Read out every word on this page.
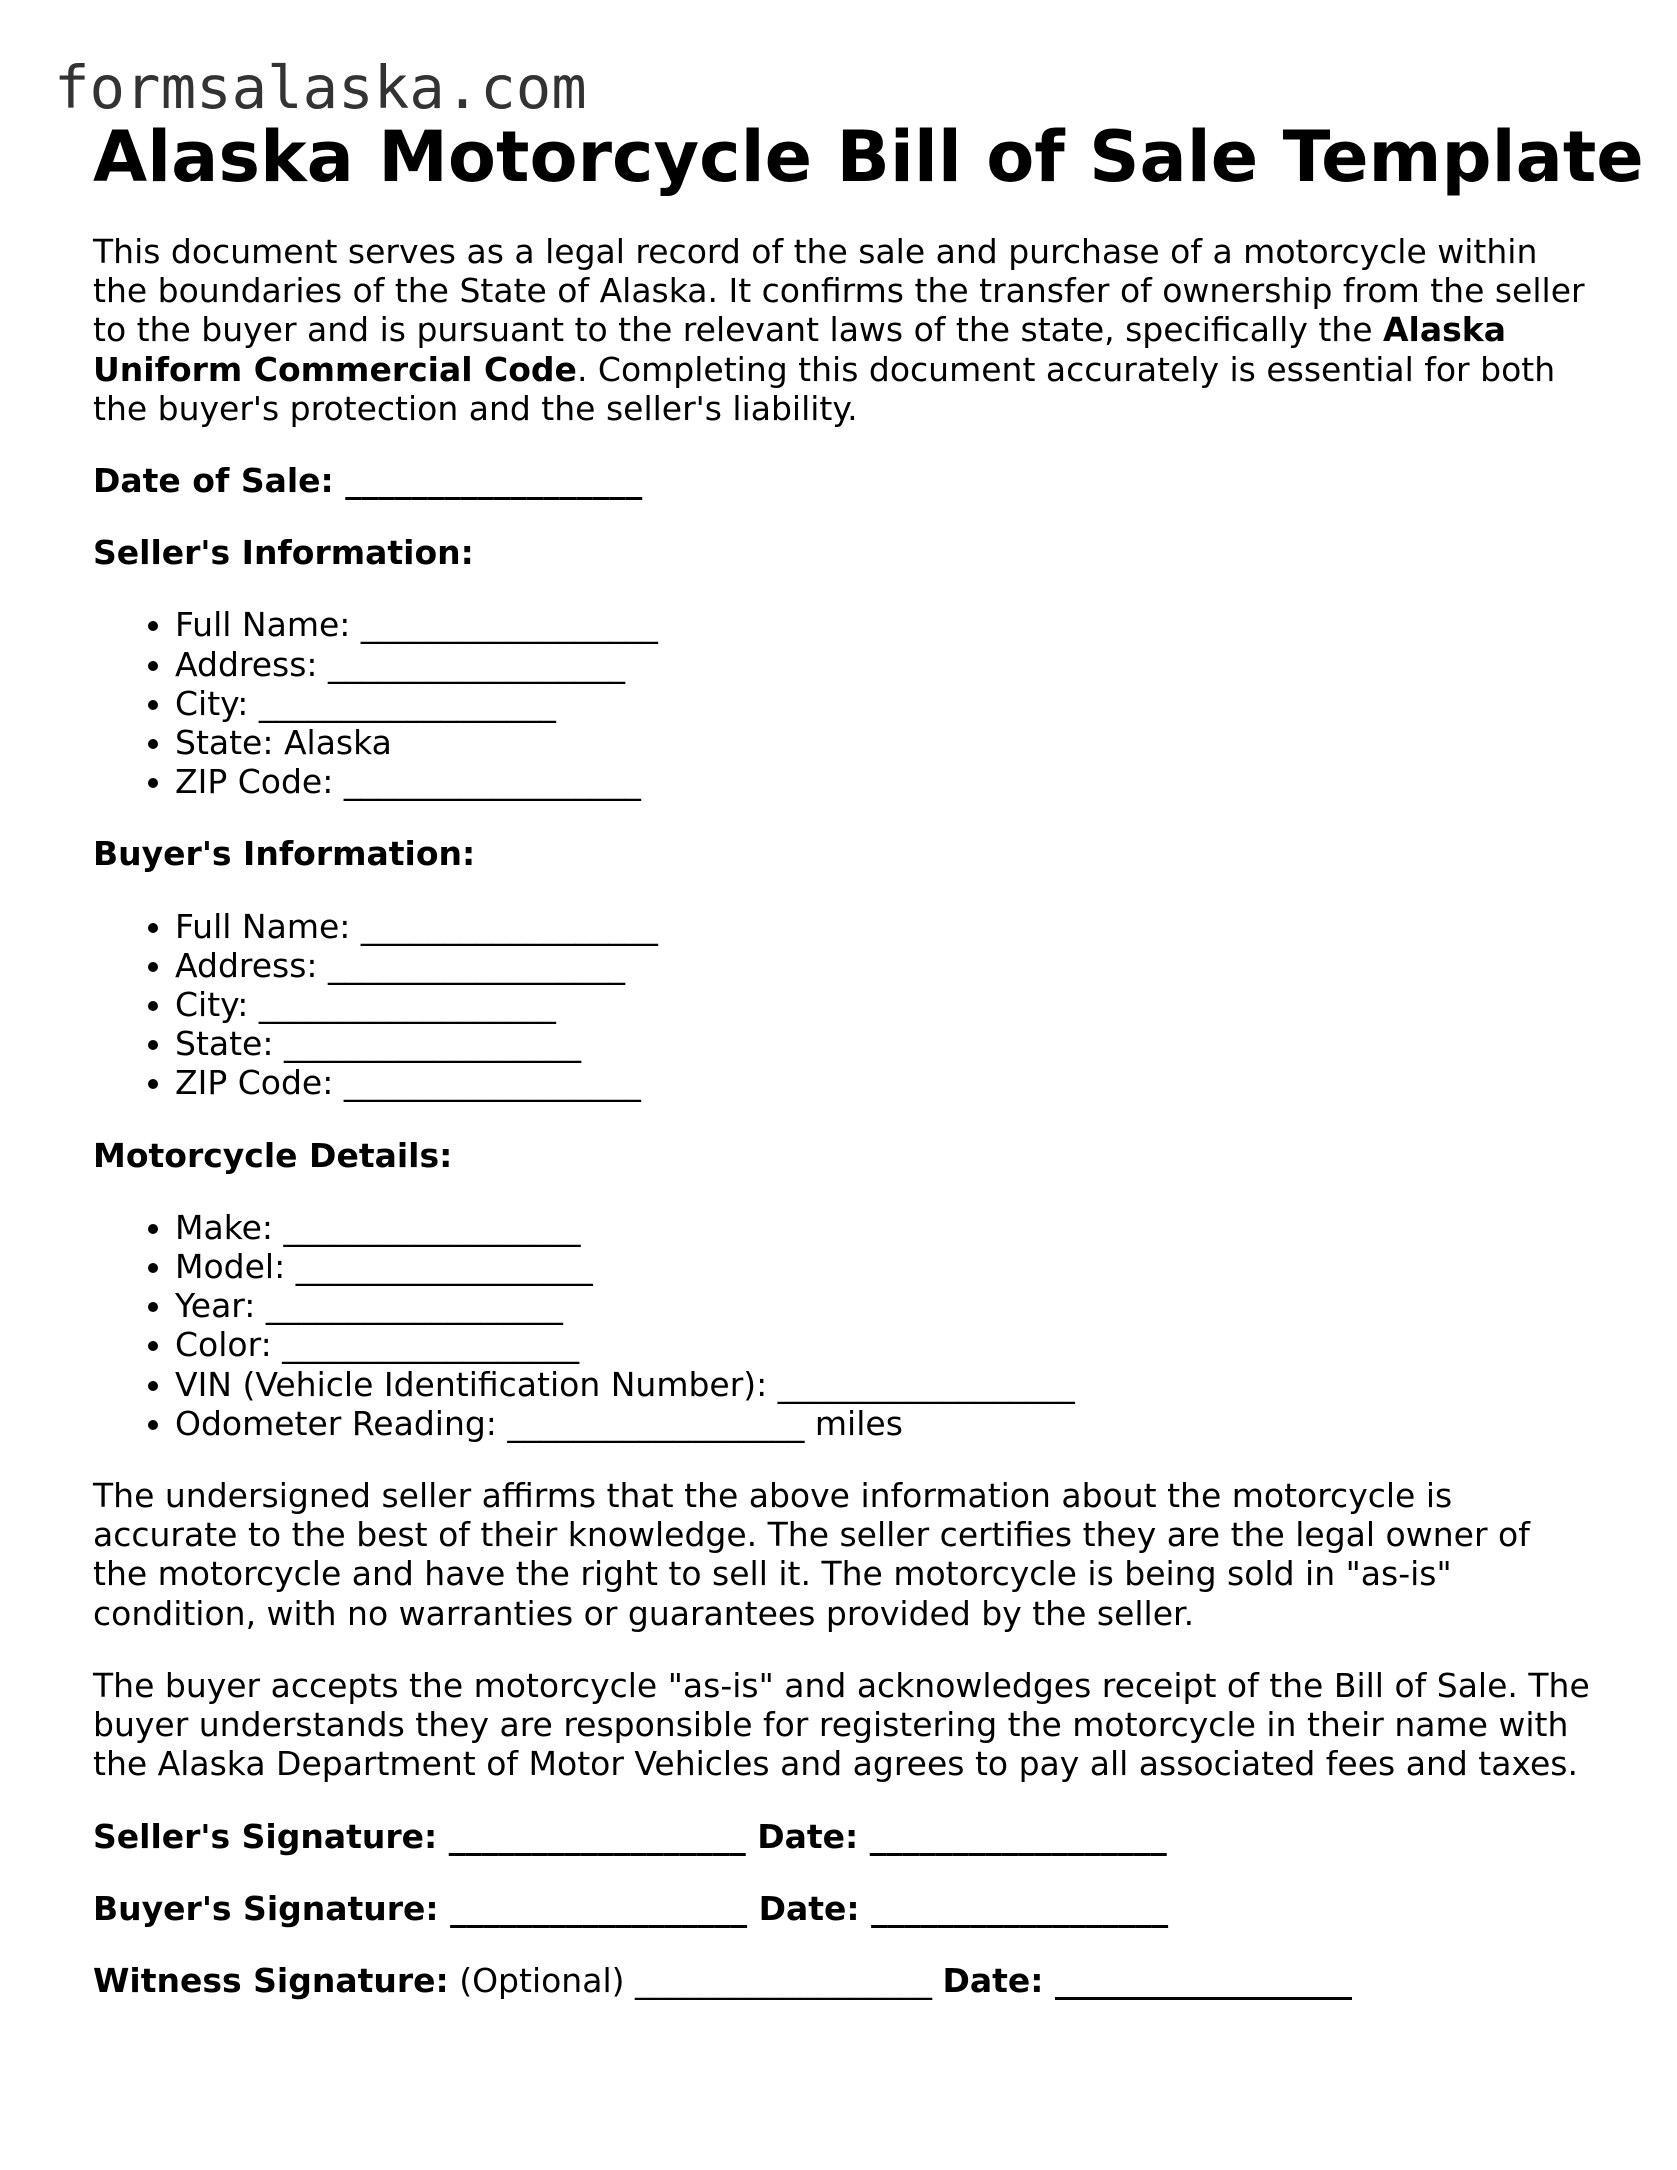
formsalaska.com
Alaska Motorcycle Bill of Sale Template

This document serves as a legal record of the sale and purchase of a motorcycle within the boundaries of the State of Alaska. It confirms the transfer of ownership from the seller to the buyer and is pursuant to the relevant laws of the state, specifically the Alaska Uniform Commercial Code. Completing this document accurately is essential for both the buyer's protection and the seller's liability.

Date of Sale: __________________
Seller's Information:
• Full Name: __________________
• Address: __________________
• City: __________________
• State: Alaska
• ZIP Code: __________________
Buyer's Information:
• Full Name: __________________
• Address: __________________
• City: __________________
• State: __________________
• ZIP Code: __________________
Motorcycle Details:
• Make: __________________
• Model: __________________
• Year: __________________
• Color: __________________
• VIN (Vehicle Identification Number): __________________
• Odometer Reading: __________________ miles

The undersigned seller affirms that the above information about the motorcycle is accurate to the best of their knowledge. The seller certifies they are the legal owner of the motorcycle and have the right to sell it. The motorcycle is being sold in "as-is" condition, with no warranties or guarantees provided by the seller.

The buyer accepts the motorcycle "as-is" and acknowledges receipt of the Bill of Sale. The buyer understands they are responsible for registering the motorcycle in their name with the Alaska Department of Motor Vehicles and agrees to pay all associated fees and taxes.

Seller's Signature: __________________ Date: __________________
Buyer's Signature: __________________ Date: __________________
Witness Signature: (Optional) __________________ Date: __________________
